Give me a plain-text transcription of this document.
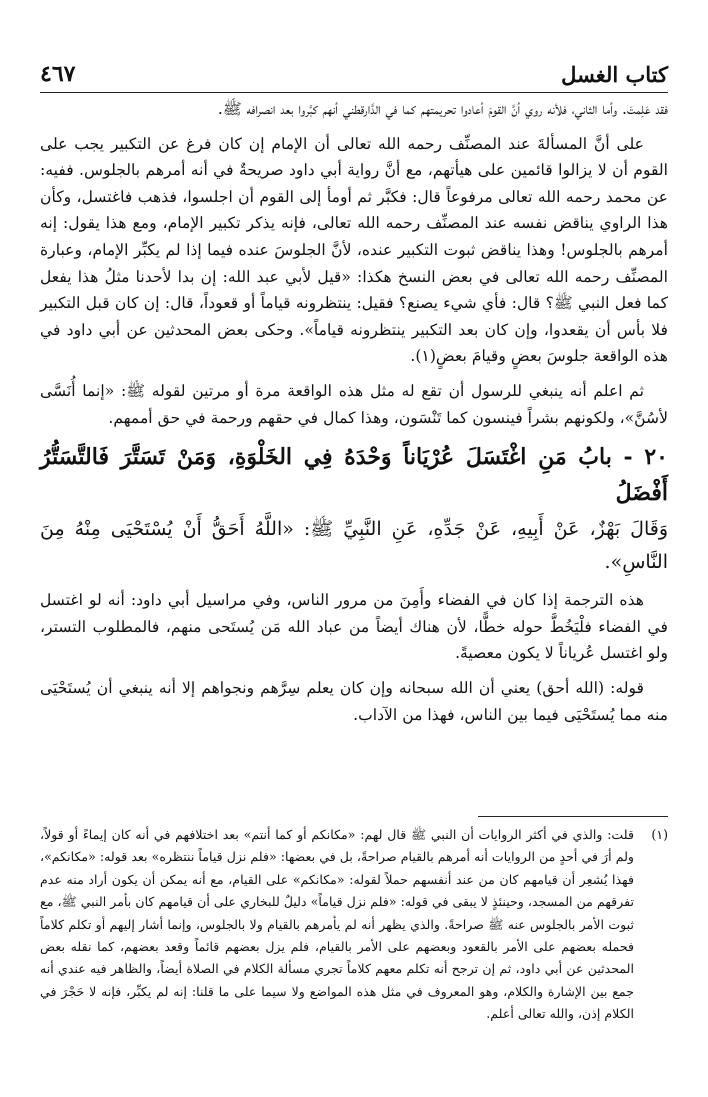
كتاب الغسل
٤٦٧

فقد عَلِمتَ. وأما الثاني، فلأنه روي أنَّ القومَ أعادوا تحريمتهم كما في الدَّارقطني أنهم كبَّروا بعد انصرافه ﷺ.

على أنَّ المسألةَ عند المصنِّف رحمه الله تعالى أن الإمام إن كان فرغ عن التكبير يجب على القوم أن لا يزالوا قائمين على هيأتهم، مع أنَّ رواية أبي داود صريحةٌ في أنه أمرهم بالجلوس. ففيه: عن محمد رحمه الله تعالى مرفوعاً قال: فكبَّر ثم أومأ إلى القوم أن اجلسوا، فذهب فاغتسل، وكأن هذا الراوي يناقض نفسه عند المصنِّف رحمه الله تعالى، فإنه يذكر تكبير الإمام، ومع هذا يقول: إنه أمرهم بالجلوس! وهذا يناقض ثبوت التكبير عنده، لأنَّ الجلوسَ عنده فيما إذا لم يكبِّر الإمام، وعبارة المصنِّف رحمه الله تعالى في بعض النسخ هكذا: «قيل لأبي عبد الله: إن بدا لأحدنا مثلُ هذا يفعل كما فعل النبي ﷺ؟ قال: فأي شيء يصنع؟ فقيل: ينتظرونه قياماً أو قعوداً، قال: إن كان قبل التكبير فلا بأس أن يقعدوا، وإن كان بعد التكبير ينتظرونه قياماً». وحكى بعض المحدثين عن أبي داود في هذه الواقعة جلوسَ بعضٍ وقيامَ بعضٍ(١).

ثم اعلم أنه ينبغي للرسول أن تقع له مثل هذه الواقعة مرة أو مرتين لقوله ﷺ: «إنما أُنَسَّى لأسُنَّ»، ولكونهم بشراً فينسون كما تَنْسَون، وهذا كمال في حقهم ورحمة في حق أممهم.

٢٠ - بابُ مَنِ اغْتَسَلَ عُرْيَاناً وَحْدَهُ فِي الخَلْوَةِ، وَمَنْ تَسَتَّرَ فَالتَّسَتُّرُ أَفْضَلُ

وَقَالَ بَهْزٌ، عَنْ أَبِيهِ، عَنْ جَدِّهِ، عَنِ النَّبِيِّ ﷺ: «اللَّهُ أَحَقُّ أَنْ يُسْتَحْيَى مِنْهُ مِنَ النَّاسِ».

هذه الترجمة إذا كان في الفضاء وأَمِنَ من مرور الناس، وفي مراسيل أبي داود: أنه لو اغتسل في الفضاء فلْيَخُطَّ حوله خطًّا، لأن هناك أيضاً من عباد الله مَن يُستَحى منهم، فالمطلوب التستر، ولو اغتسل عُرياناً لا يكون معصيةً.

قوله: (الله أحق) يعني أن الله سبحانه وإن كان يعلم سِرَّهم ونجواهم إلا أنه ينبغي أن يُستَحْيَى منه مما يُستَحْيَى فيما بين الناس، فهذا من الآداب.

(١)
قلت: والذي في أكثر الروايات أن النبي ﷺ قال لهم: «مكانكم أو كما أنتم» بعد اختلافهم في أنه كان إيماءً أو قولاً، ولم أرَ في أحدٍ من الروايات أنه أمرهم بالقيام صراحةً، بل في بعضها: «فلم نزل قياماً ننتظره» بعد قوله: «مكانكم»، فهذا يُشعِر أن قيامهم كان من عند أنفسهم حملاً لقوله: «مكانكم» على القيام، مع أنه يمكن أن يكون أراد منه عدم تفرقهم من المسجد، وحينئذٍ لا يبقى في قوله: «فلم نزل قياماً» دليلٌ للبخاري على أن قيامهم كان بأمر النبي ﷺ، مع ثبوت الأمر بالجلوس عنه ﷺ صراحةً. والذي يظهر أنه لم يأمرهم بالقيام ولا بالجلوس، وإنما أشار إليهم أو تكلم كلاماً فحمله بعضهم على الأمر بالقعود وبعضهم على الأمر بالقيام، فلم يزل بعضهم قائماً وقعد بعضهم، كما نقله بعض المحدثين عن أبي داود، ثم إن ترجح أنه تكلم معهم كلاماً تجري مسألة الكلام في الصلاة أيضاً، والظاهر فيه عندي أنه جمع بين الإشارة والكلام، وهو المعروف في مثل هذه المواضع ولا سيما على ما قلنا: إنه لم يكبِّر، فإنه لا حَجْرَ في الكلام إذن، والله تعالى أعلم.
